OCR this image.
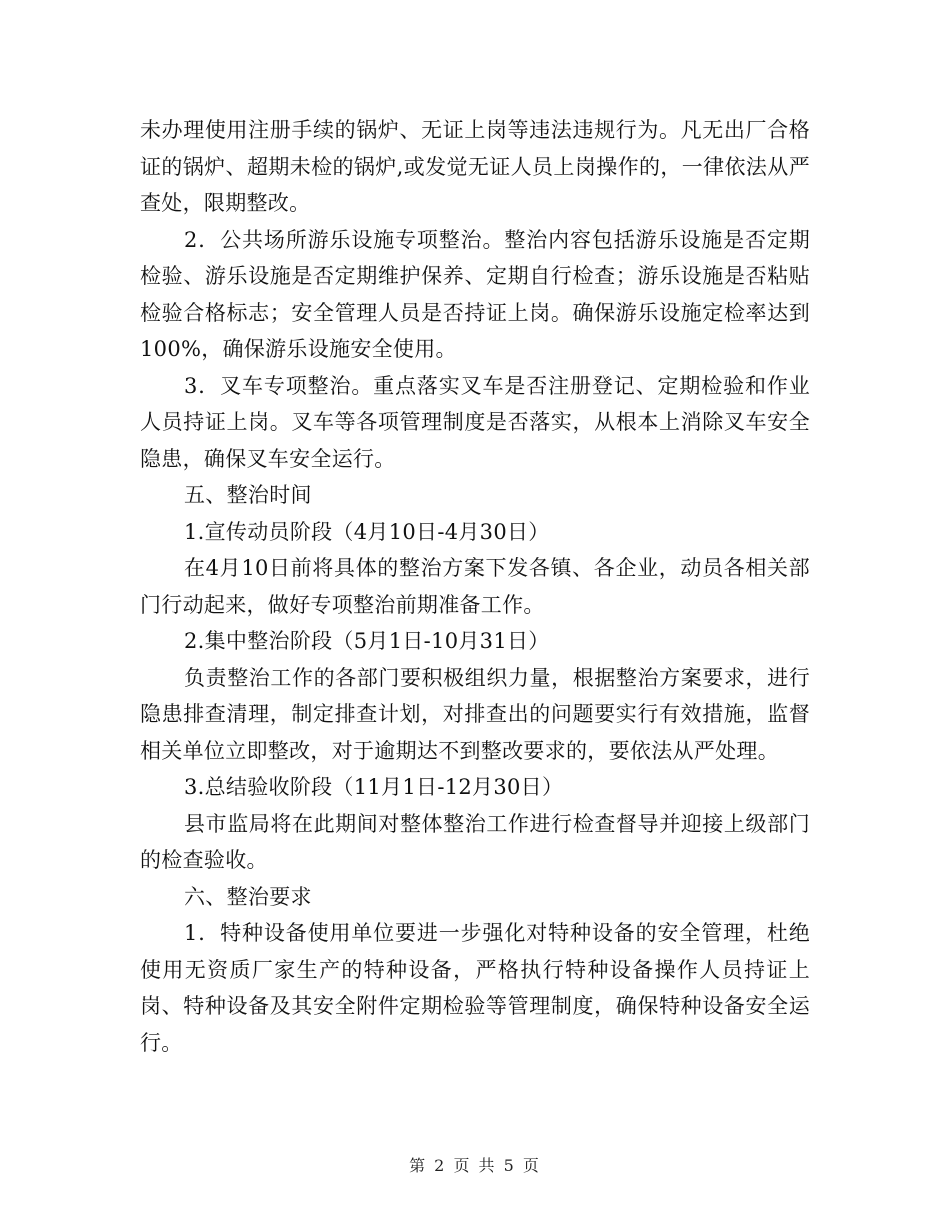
未办理使用注册手续的锅炉、无证上岗等违法违规行为。凡无出厂合格证的锅炉、超期未检的锅炉,或发觉无证人员上岗操作的，一律依法从严查处，限期整改。

2．公共场所游乐设施专项整治。整治内容包括游乐设施是否定期检验、游乐设施是否定期维护保养、定期自行检查；游乐设施是否粘贴检验合格标志；安全管理人员是否持证上岗。确保游乐设施定检率达到100%，确保游乐设施安全使用。

3．叉车专项整治。重点落实叉车是否注册登记、定期检验和作业人员持证上岗。叉车等各项管理制度是否落实，从根本上消除叉车安全隐患，确保叉车安全运行。

五、整治时间

1.宣传动员阶段（4月10日-4月30日）

在4月10日前将具体的整治方案下发各镇、各企业，动员各相关部门行动起来，做好专项整治前期准备工作。

2.集中整治阶段（5月1日-10月31日）

负责整治工作的各部门要积极组织力量，根据整治方案要求，进行隐患排查清理，制定排查计划，对排查出的问题要实行有效措施，监督相关单位立即整改，对于逾期达不到整改要求的，要依法从严处理。

3.总结验收阶段（11月1日-12月30日）

县市监局将在此期间对整体整治工作进行检查督导并迎接上级部门的检查验收。

六、整治要求

1．特种设备使用单位要进一步强化对特种设备的安全管理，杜绝使用无资质厂家生产的特种设备，严格执行特种设备操作人员持证上岗、特种设备及其安全附件定期检验等管理制度，确保特种设备安全运行。

第 2 页 共 5 页
